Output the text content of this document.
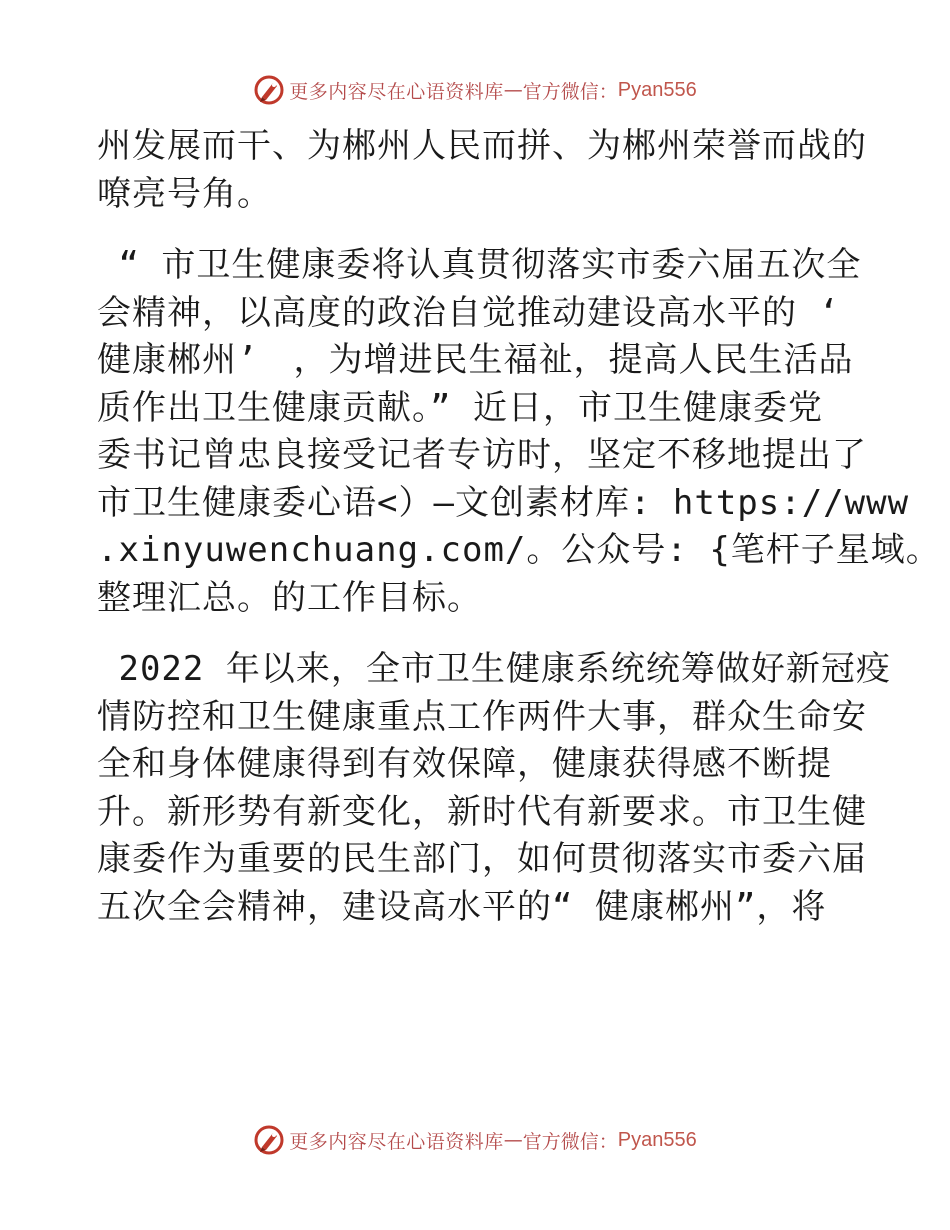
更多内容尽在心语资料库 — 官方微信： Pyan556
州发展而干、为郴州人民而拼、为郴州荣誉而战的
嘹亮号角。
“ 市卫生健康委将认真贯彻落实市委六届五次全
会精神，以高度的政治自觉推动建设高水平的 ‘
健康郴州’　，为增进民生福祉，提高人民生活品
质作出卫生健康贡献。” 近日，市卫生健康委党
委书记曾忠良接受记者专访时，坚定不移地提出了
市卫生健康委心语<）—文创素材库: https://www
.xinyuwenchuang.com/。公众号: {笔杆子星域。
整理汇总。的工作目标。
2022 年以来，全市卫生健康系统统筹做好新冠疫
情防控和卫生健康重点工作两件大事，群众生命安
全和身体健康得到有效保障，健康获得感不断提
升。新形势有新变化，新时代有新要求。市卫生健
康委作为重要的民生部门，如何贯彻落实市委六届
五次全会精神，建设高水平的“ 健康郴州”，将
更多内容尽在心语资料库 — 官方微信： Pyan556
